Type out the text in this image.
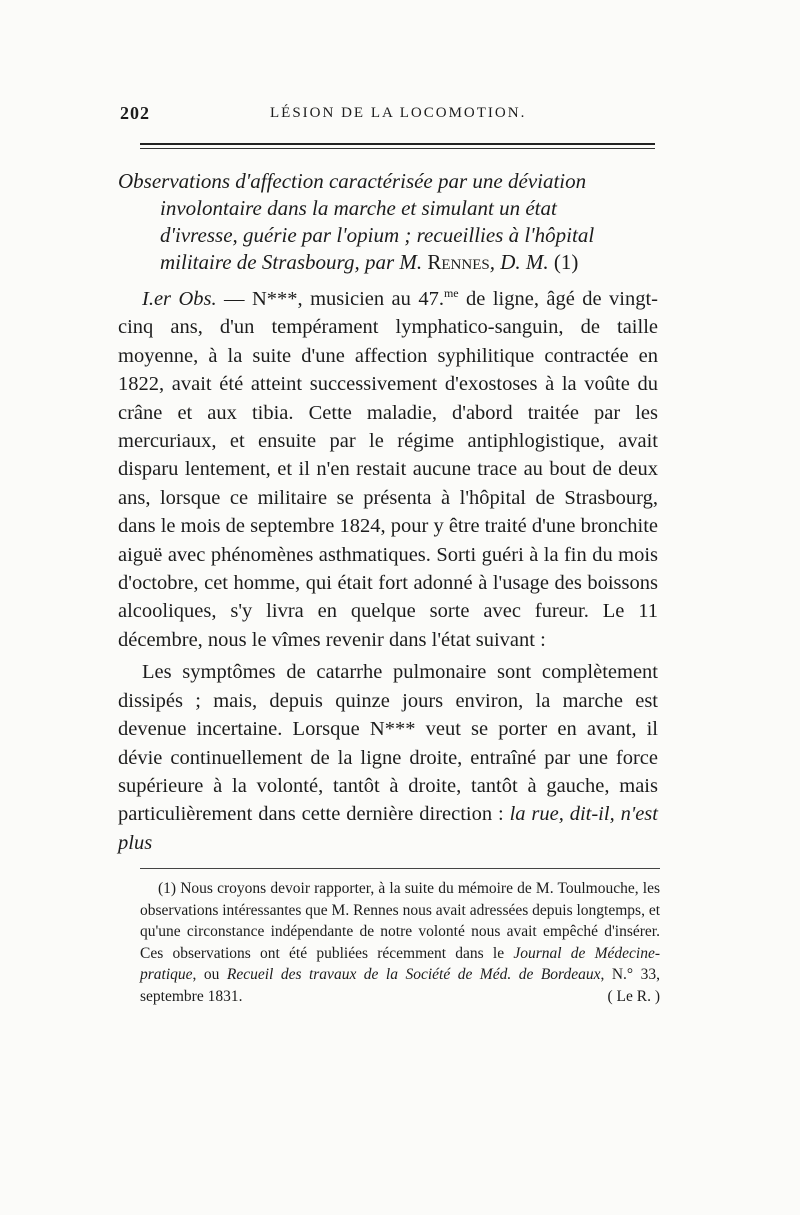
202	LÉSION DE LA LOCOMOTION.
Observations d'affection caractérisée par une déviation
involontaire dans la marche et simulant un état
d'ivresse, guérie par l'opium ; recueillies à l'hôpital
militaire de Strasbourg, par M. Rennes, D. M. (1)

I.er Obs. — N***, musicien au 47.$^{me}$ de ligne, âgé de vingt-cinq ans, d'un tempérament lymphatico-sanguin, de taille moyenne, à la suite d'une affection syphilitique contractée en 1822, avait été atteint successivement d'exostoses à la voûte du crâne et aux tibia. Cette maladie, d'abord traitée par les mercuriaux, et ensuite par le régime antiphlogistique, avait disparu lentement, et il n'en restait aucune trace au bout de deux ans, lorsque ce militaire se présenta à l'hôpital de Strasbourg, dans le mois de septembre 1824, pour y être traité d'une bronchite aiguë avec phénomènes asthmatiques. Sorti guéri à la fin du mois d'octobre, cet homme, qui était fort adonné à l'usage des boissons alcooliques, s'y livra en quelque sorte avec fureur. Le 11 décembre, nous le vîmes revenir dans l'état suivant :

Les symptômes de catarrhe pulmonaire sont complètement dissipés ; mais, depuis quinze jours environ, la marche est devenue incertaine. Lorsque N*** veut se porter en avant, il dévie continuellement de la ligne droite, entraîné par une force supérieure à la volonté, tantôt à droite, tantôt à gauche, mais particulièrement dans cette dernière direction : la rue, dit-il, n'est plus

(1) Nous croyons devoir rapporter, à la suite du mémoire de M. Toulmouche, les observations intéressantes que M. Rennes nous avait adressées depuis longtemps, et qu'une circonstance indépendante de notre volonté nous avait empêché d'insérer. Ces observations ont été publiées récemment dans le Journal de Médecine-pratique, ou Recueil des travaux de la Société de Méd. de Bordeaux, N.° 33, septembre 1831.	( Le R. )
